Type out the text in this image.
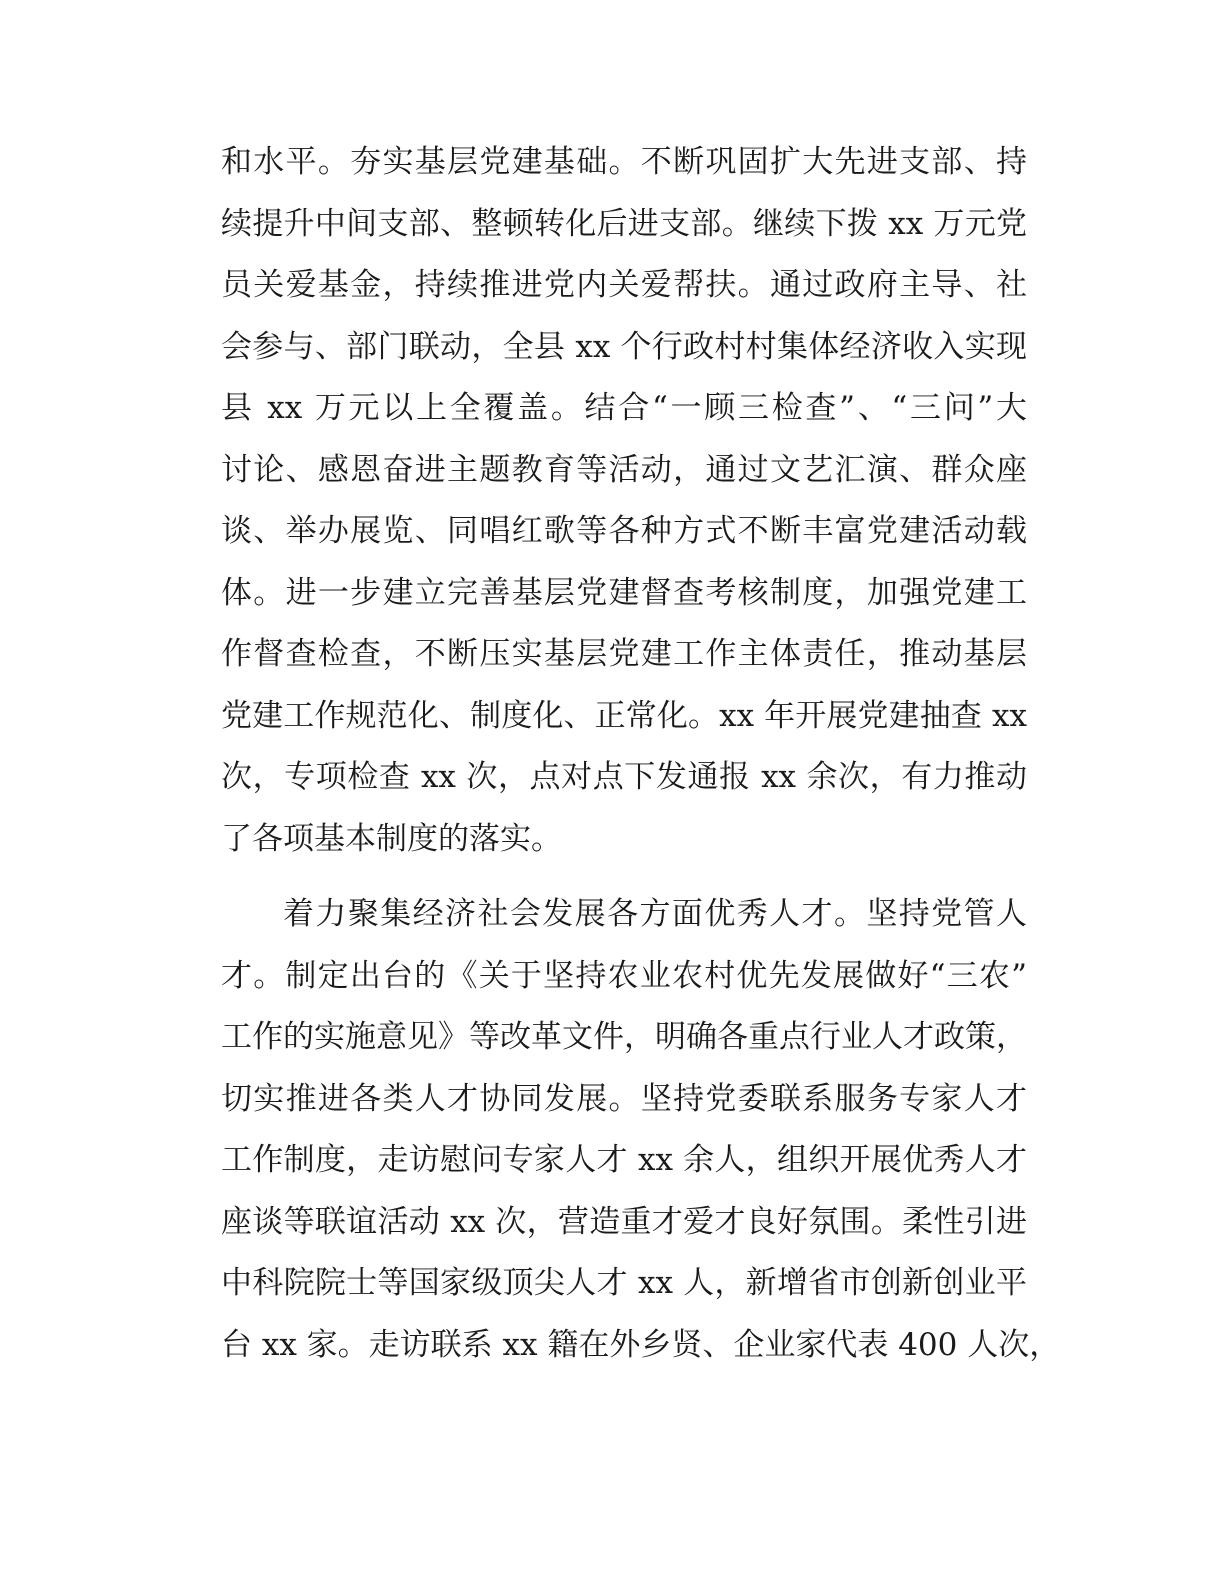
和水平。夯实基层党建基础。不断巩固扩大先进支部、持
续提升中间支部、整顿转化后进支部。继续下拨 xx 万元党
员关爱基金，持续推进党内关爱帮扶。通过政府主导、社
会参与、部门联动，全县 xx 个行政村村集体经济收入实现
县 xx 万元以上全覆盖。结合“一顾三检查”、“三问”大
讨论、感恩奋进主题教育等活动，通过文艺汇演、群众座
谈、举办展览、同唱红歌等各种方式不断丰富党建活动载
体。进一步建立完善基层党建督查考核制度，加强党建工
作督查检查，不断压实基层党建工作主体责任，推动基层
党建工作规范化、制度化、正常化。xx 年开展党建抽查 xx
次，专项检查 xx 次，点对点下发通报 xx 余次，有力推动
了各项基本制度的落实。
着力聚集经济社会发展各方面优秀人才。坚持党管人
才。制定出台的《关于坚持农业农村优先发展做好“三农”
工作的实施意见》等改革文件，明确各重点行业人才政策，
切实推进各类人才协同发展。坚持党委联系服务专家人才
工作制度，走访慰问专家人才 xx 余人，组织开展优秀人才
座谈等联谊活动 xx 次，营造重才爱才良好氛围。柔性引进
中科院院士等国家级顶尖人才 xx 人，新增省市创新创业平
台 xx 家。走访联系 xx 籍在外乡贤、企业家代表 400 人次，
